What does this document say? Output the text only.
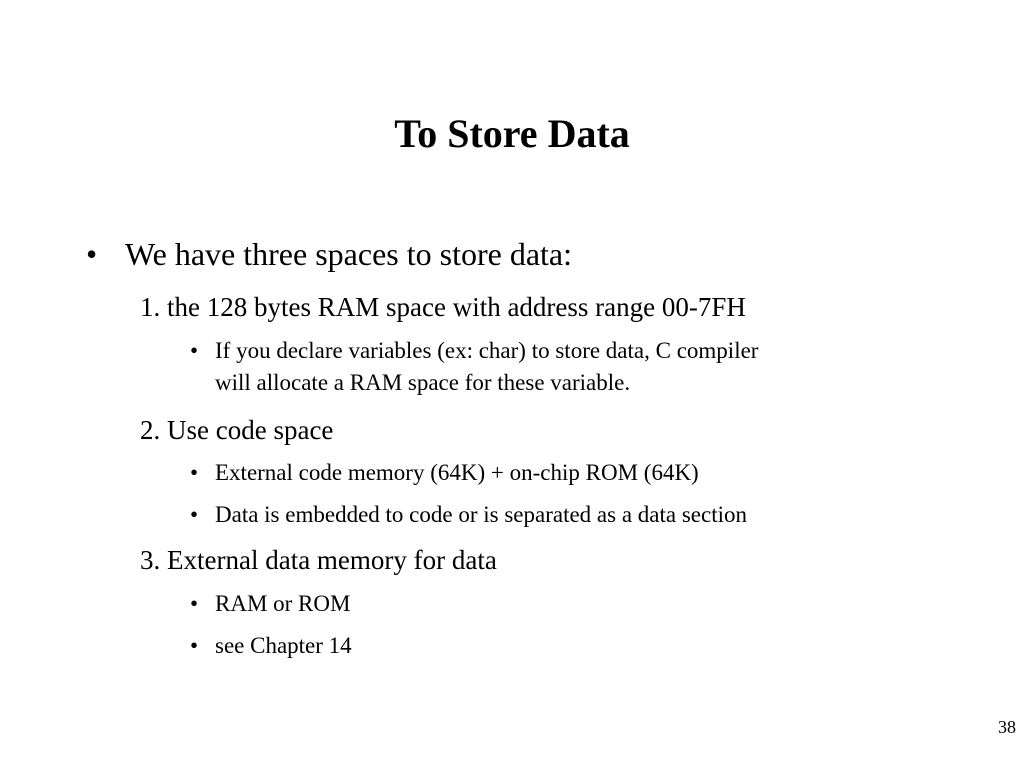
To Store Data
• We have three spaces to store data:
1. the 128 bytes RAM space with address range 00-7FH
• If you declare variables (ex: char) to store data, C compiler
will allocate a RAM space for these variable.
2. Use code space
• External code memory (64K) + on-chip ROM (64K)
• Data is embedded to code or is separated as a data section
3. External data memory for data
• RAM or ROM
• see Chapter 14
38
